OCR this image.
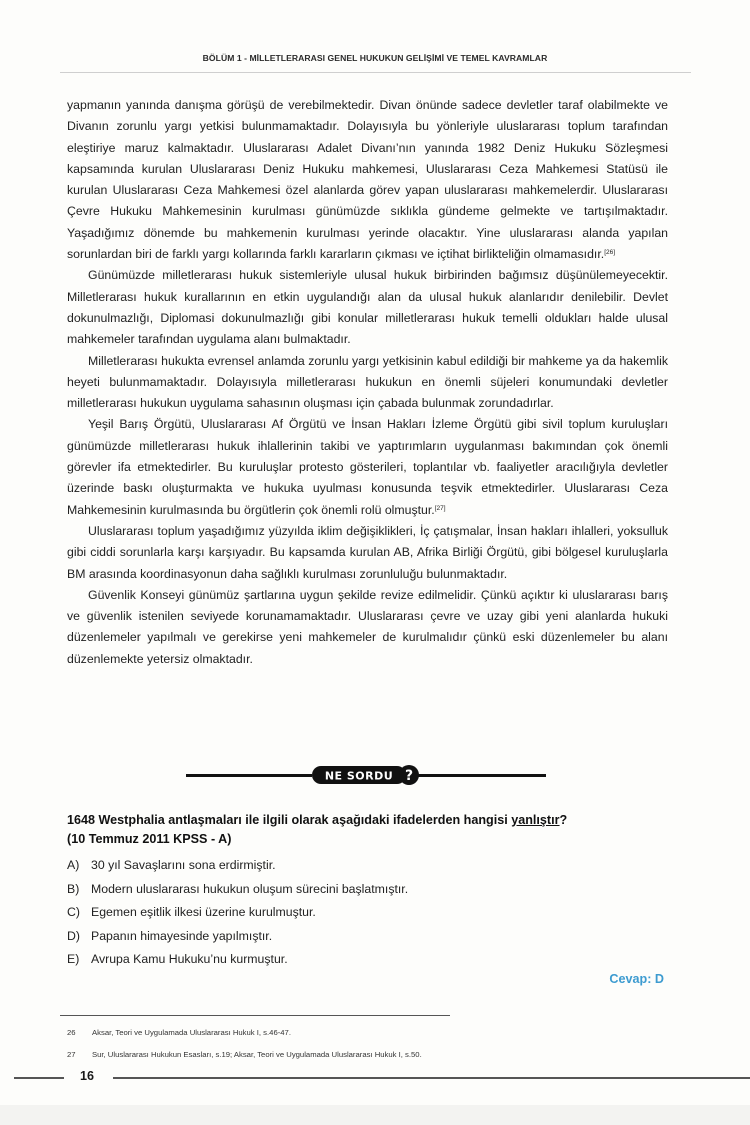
BÖLÜM 1 - MİLLETLERARASI GENEL HUKUKUN GELİŞİMİ VE TEMEL KAVRAMLAR

yapmanın yanında danışma görüşü de verebilmektedir. Divan önünde sadece devletler taraf olabilmekte ve Divanın zorunlu yargı yetkisi bulunmamaktadır. Dolayısıyla bu yönleriyle uluslararası toplum tarafından eleştiriye maruz kalmaktadır. Uluslararası Adalet Divanı’nın yanında 1982 Deniz Hukuku Sözleşmesi kapsamında kurulan Uluslararası Deniz Hukuku mahkemesi, Uluslararası Ceza Mahkemesi Statüsü ile kurulan Uluslararası Ceza Mahkemesi özel alanlarda görev yapan uluslararası mahkemelerdir. Uluslararası Çevre Hukuku Mahkemesinin kurulması günümüzde sıklıkla gündeme gelmekte ve tartışılmaktadır. Yaşadığımız dönemde bu mahkemenin kurulması yerinde olacaktır. Yine uluslararası alanda yapılan sorunlardan biri de farklı yargı kollarında farklı kararların çıkması ve içtihat birlikteliğin olmamasıdır.[26]

Günümüzde milletlerarası hukuk sistemleriyle ulusal hukuk birbirinden bağımsız düşünülemeyecektir. Milletlerarası hukuk kurallarının en etkin uygulandığı alan da ulusal hukuk alanlarıdır denilebilir. Devlet dokunulmazlığı, Diplomasi dokunulmazlığı gibi konular milletlerarası hukuk temelli oldukları halde ulusal mahkemeler tarafından uygulama alanı bulmaktadır.

Milletlerarası hukukta evrensel anlamda zorunlu yargı yetkisinin kabul edildiği bir mahkeme ya da hakemlik heyeti bulunmamaktadır. Dolayısıyla milletlerarası hukukun en önemli süjeleri konumundaki devletler milletlerarası hukukun uygulama sahasının oluşması için çabada bulunmak zorundadırlar.

Yeşil Barış Örgütü, Uluslararası Af Örgütü ve İnsan Hakları İzleme Örgütü gibi sivil toplum kuruluşları günümüzde milletlerarası hukuk ihlallerinin takibi ve yaptırımların uygulanması bakımından çok önemli görevler ifa etmektedirler. Bu kuruluşlar protesto gösterileri, toplantılar vb. faaliyetler aracılığıyla devletler üzerinde baskı oluşturmakta ve hukuka uyulması konusunda teşvik etmektedirler. Uluslararası Ceza Mahkemesinin kurulmasında bu örgütlerin çok önemli rolü olmuştur.[27]

Uluslararası toplum yaşadığımız yüzyılda iklim değişiklikleri, İç çatışmalar, İnsan hakları ihlalleri, yoksulluk gibi ciddi sorunlarla karşı karşıyadır. Bu kapsamda kurulan AB, Afrika Birliği Örgütü, gibi bölgesel kuruluşlarla BM arasında koordinasyonun daha sağlıklı kurulması zorunluluğu bulunmaktadır.

Güvenlik Konseyi günümüz şartlarına uygun şekilde revize edilmelidir. Çünkü açıktır ki uluslararası barış ve güvenlik istenilen seviyede korunamamaktadır. Uluslararası çevre ve uzay gibi yeni alanlarda hukuki düzenlemeler yapılmalı ve gerekirse yeni mahkemeler de kurulmalıdır çünkü eski düzenlemeler bu alanı düzenlemekte yetersiz olmaktadır.

?
NE SORDU
1648 Westphalia antlaşmaları ile ilgili olarak aşağıdaki ifadelerden hangisi yanlıştır?
(10 Temmuz 2011 KPSS - A)
A) 30 yıl Savaşlarını sona erdirmiştir.
B) Modern uluslararası hukukun oluşum sürecini başlatmıştır.
C) Egemen eşitlik ilkesi üzerine kurulmuştur.
D) Papanın himayesinde yapılmıştır.
E) Avrupa Kamu Hukuku’nu kurmuştur.
Cevap: D
26 Aksar, Teori ve Uygulamada Uluslararası Hukuk I, s.46-47.
27 Sur, Uluslararası Hukukun Esasları, s.19; Aksar, Teori ve Uygulamada Uluslararası Hukuk I, s.50.
16
